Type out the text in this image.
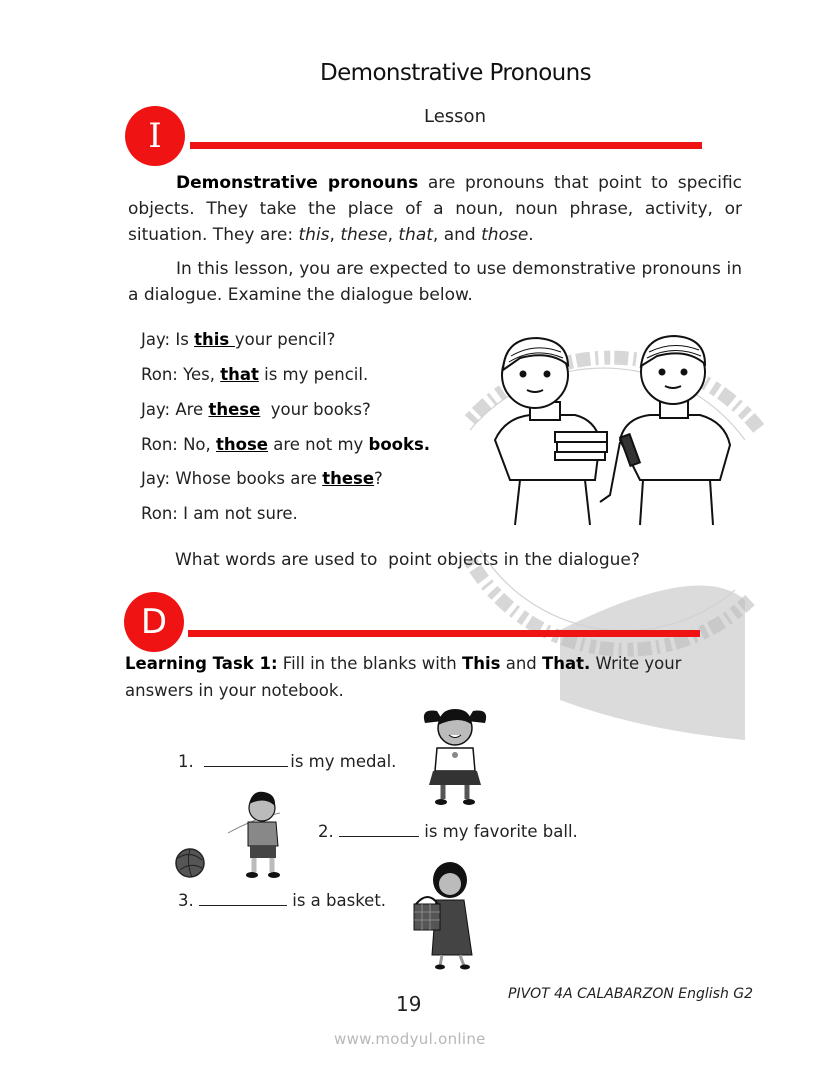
Demonstrative Pronouns
I	Lesson
Demonstrative pronouns are pronouns that point to specific objects. They take the place of a noun, noun phrase, activity, or situation. They are: this, these, that, and those.
In this lesson, you are expected to use demonstrative pronouns in a dialogue. Examine the dialogue below.
Jay: Is this your pencil?
Ron: Yes, that is my pencil.
Jay: Are these  your books?
Ron: No, those are not my books.
Jay: Whose books are these?
Ron: I am not sure.
What words are used to  point objects in the dialogue?
D
Learning Task 1: Fill in the blanks with This and That. Write your answers in your notebook.
1.	is my medal.
2.	is my favorite ball.
3.	is a basket.
19	PIVOT 4A CALABARZON English G2
www.modyul.online
